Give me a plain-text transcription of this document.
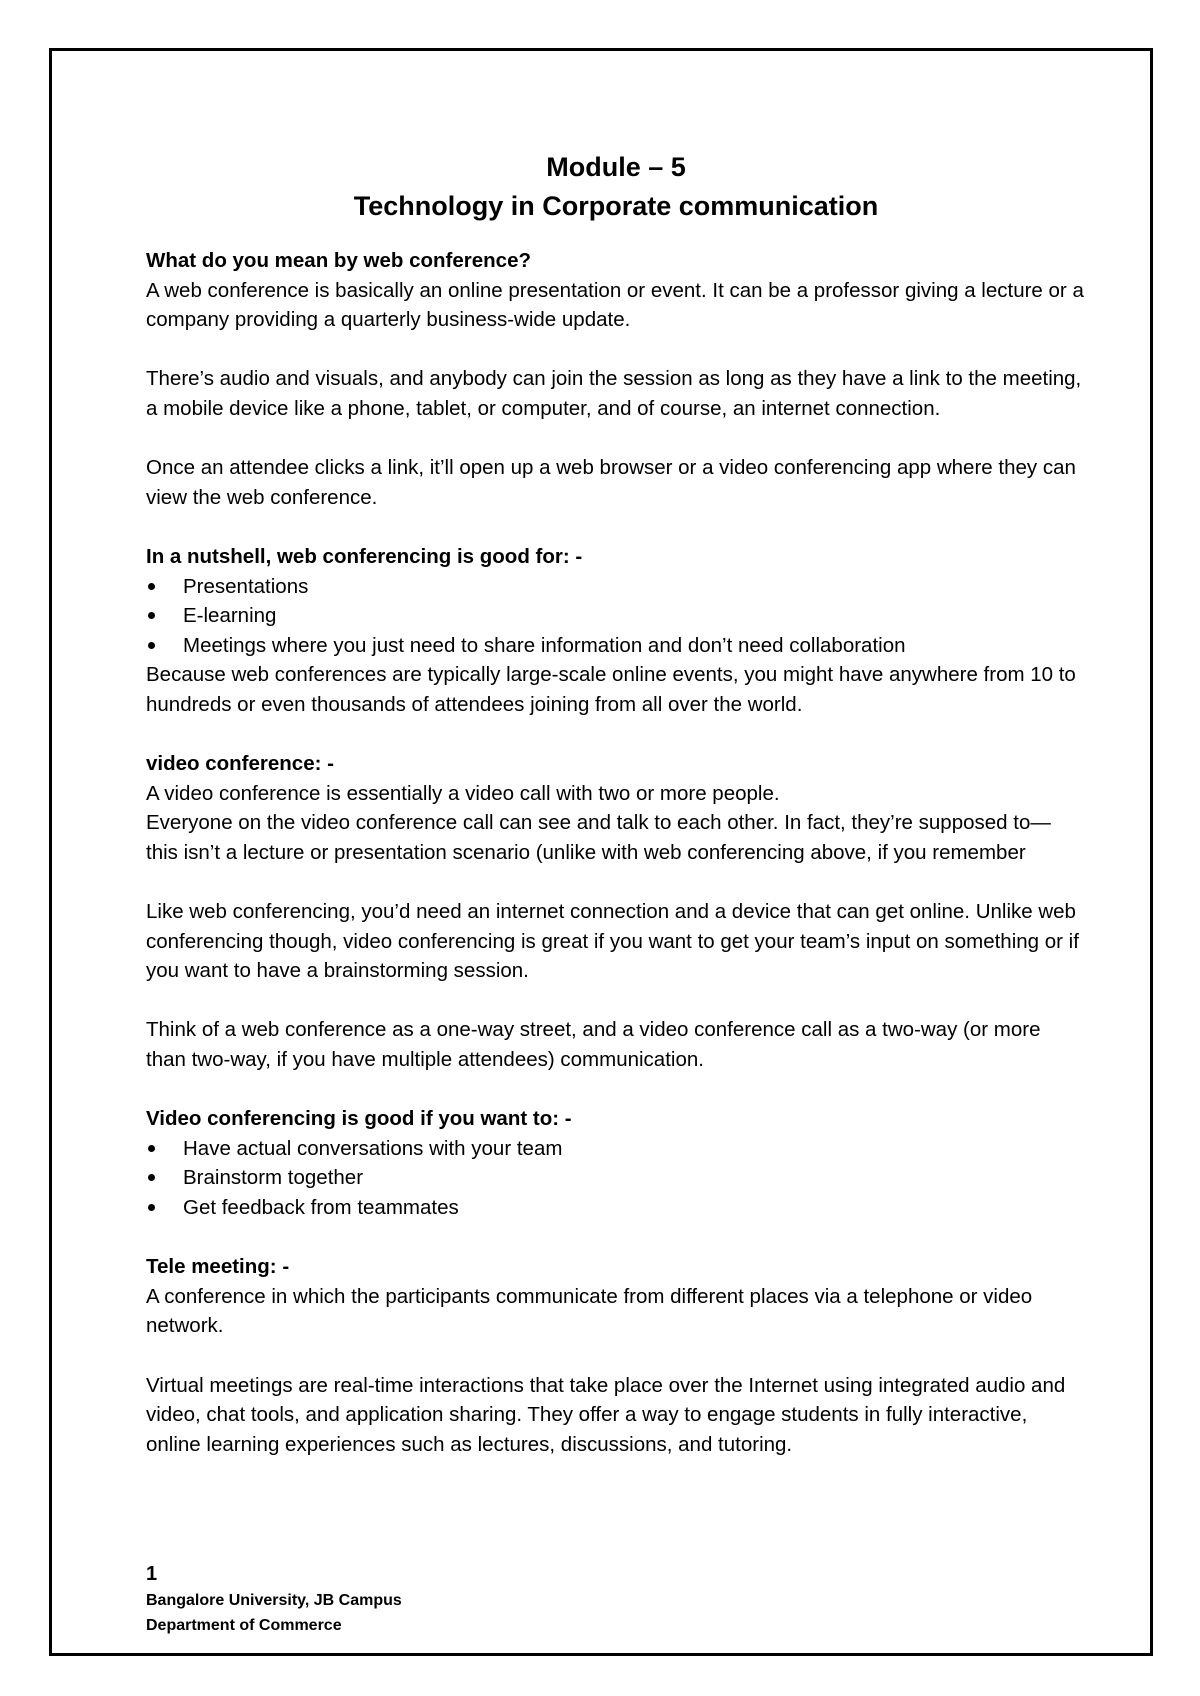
Module – 5
Technology in Corporate communication
What do you mean by web conference?

A web conference is basically an online presentation or event. It can be a professor giving a lecture or a company providing a quarterly business-wide update.

There’s audio and visuals, and anybody can join the session as long as they have a link to the meeting, a mobile device like a phone, tablet, or computer, and of course, an internet connection.

Once an attendee clicks a link, it’ll open up a web browser or a video conferencing app where they can view the web conference.

In a nutshell, web conferencing is good for: -
Presentations
E-learning
Meetings where you just need to share information and don’t need collaboration

Because web conferences are typically large-scale online events, you might have anywhere from 10 to hundreds or even thousands of attendees joining from all over the world.

video conference: -

A video conference is essentially a video call with two or more people.

Everyone on the video conference call can see and talk to each other. In fact, they’re supposed to— this isn’t a lecture or presentation scenario (unlike with web conferencing above, if you remember

Like web conferencing, you’d need an internet connection and a device that can get online. Unlike web conferencing though, video conferencing is great if you want to get your team’s input on something or if you want to have a brainstorming session.

Think of a web conference as a one-way street, and a video conference call as a two-way (or more than two-way, if you have multiple attendees) communication.

Video conferencing is good if you want to: -
Have actual conversations with your team
Brainstorm together
Get feedback from teammates
Tele meeting: -

A conference in which the participants communicate from different places via a telephone or video network.

Virtual meetings are real-time interactions that take place over the Internet using integrated audio and video, chat tools, and application sharing. They offer a way to engage students in fully interactive, online learning experiences such as lectures, discussions, and tutoring.

1
Bangalore University, JB Campus
Department of Commerce
